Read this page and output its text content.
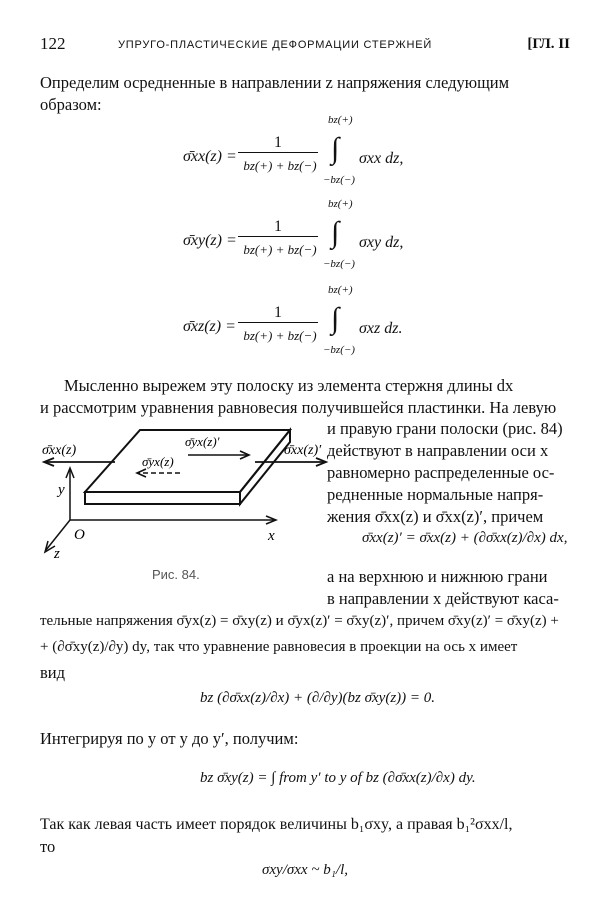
122	УПРУГО-ПЛАСТИЧЕСКИЕ ДЕФОРМАЦИИ СТЕРЖНЕЙ	[ГЛ. II
Определим осредненные в направлении z напряжения следующим
образом:
bz(+)
σ̄xx(z) =
1
bz(+) + bz(−)
∫
−bz(−)
σxx dz,
bz(+)
σ̄xy(z) =
1
bz(+) + bz(−)
∫
−bz(−)
σxy dz,
bz(+)
σ̄xz(z) =
1
bz(+) + bz(−)
∫
−bz(−)
σxz dz.
Мысленно вырежем эту полоску из элемента стержня длины dx
и рассмотрим уравнения равновесия получившейся пластинки. На левую
и правую грани полоски (рис. 84)
действуют в направлении оси x
равномерно распределенные ос-
редненные нормальные напря-
жения σ̄xx(z) и σ̄xx(z)′, причем
σ̄xx(z)′ = σ̄xx(z) + (∂σ̄xx(z)/∂x) dx,
σ̄xx(z)	σ̄xx(z)′
σ̄yx(z)′
σ̄yx(z)
y
x
z
O
Рис. 84.	а на верхнюю и нижнюю грани
в направлении x действуют каса-
тельные напряжения σ̄yx(z) = σ̄xy(z) и σ̄yx(z)′ = σ̄xy(z)′, причем σ̄xy(z)′ = σ̄xy(z) +
+ (∂σ̄xy(z)/∂y) dy, так что уравнение равновесия в проекции на ось x имеет
вид
bz (∂σ̄xx(z)/∂x) + (∂/∂y)(bz σ̄xy(z)) = 0.
Интегрируя по y от y до y′, получим:
bz σ̄xy(z) = ∫ from y′ to y of bz (∂σ̄xx(z)/∂x) dy.
Так как левая часть имеет порядок величины b₁σxy, а правая b₁²σxx/l,
то
σxy/σxx ~ b₁/l,
